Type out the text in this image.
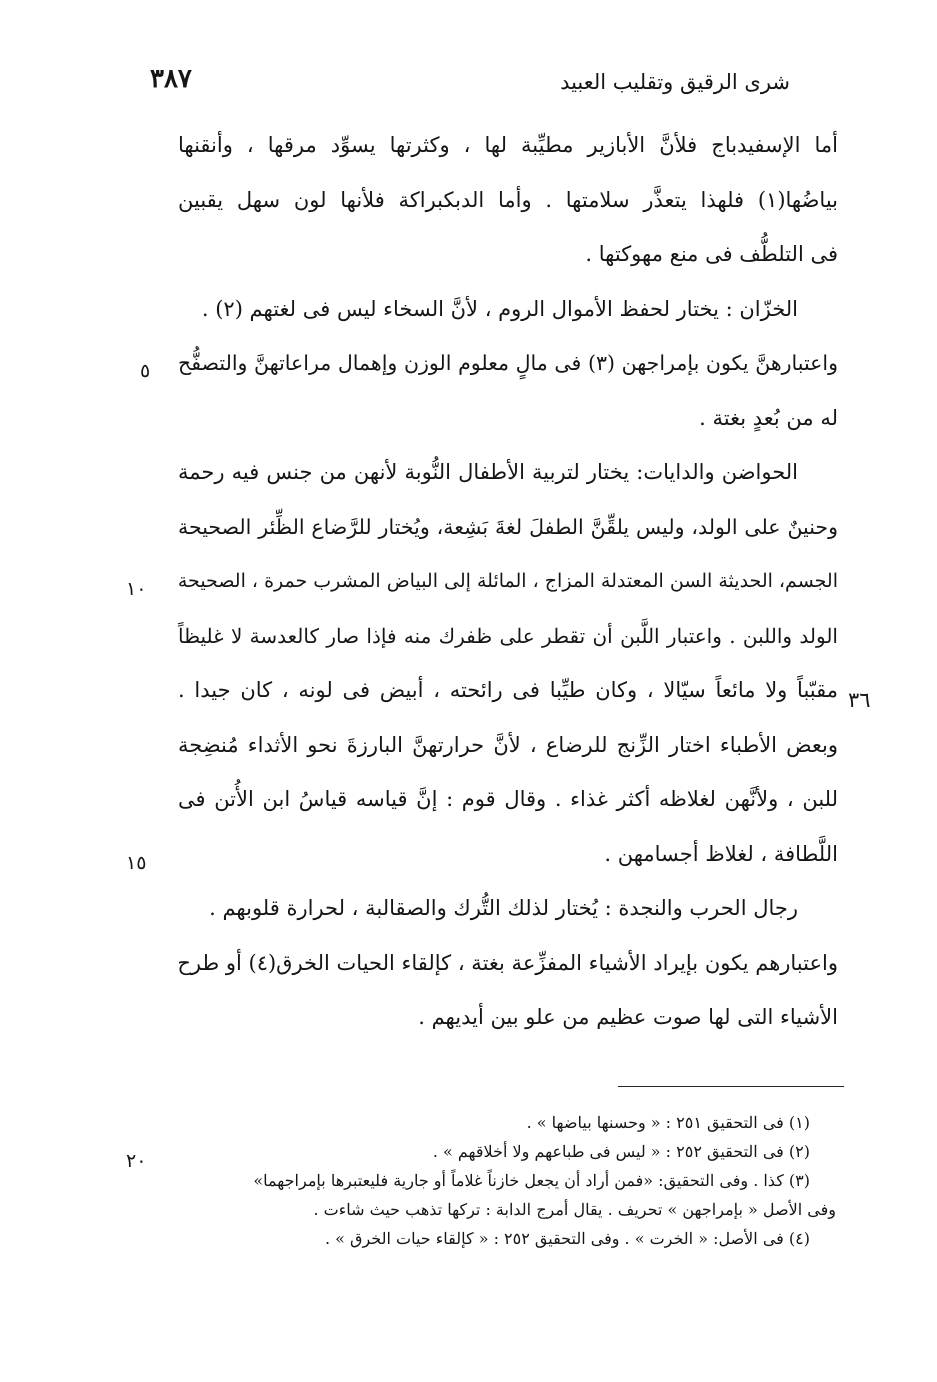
شرى الرقيق وتقليب العبيد
٣٨٧
أما الإسفيدباج فلأنَّ الأبازير مطيِّبة لها ، وكثرتها يسوِّد مرقها ، وأنقنها
بياضُها(١) فلهذا يتعذَّر سلامتها . وأما الدبكبراكة فلأنها لون سهل يقبين
فى التلطُّف فى منع مهوكتها .
الخزّان : يختار لحفظ الأموال الروم ، لأنَّ السخاء ليس فى لغتهم (٢) .
واعتبارهنَّ يكون بإمراجهن (٣) فى مالٍ معلوم الوزن وإهمال مراعاتهنَّ والتصفُّح
له من بُعدٍ بغتة .
الحواضن والدايات: يختار لتربية الأطفال النُّوبة لأنهن من جنس فيه رحمة
وحنينٌ على الولد، وليس يلقِّنَّ الطفلَ لغةَ بَشِعة، ويُختار للرَّضاع الظِّئر الصحيحة
الجسم، الحديثة السن المعتدلة المزاج ، المائلة إلى البياض المشرب حمرة ، الصحيحة
الولد واللبن . واعتبار اللَّبن أن تقطر على ظفرك منه فإذا صار كالعدسة لا غليظاً
مقبّباً ولا مائعاً سيّالا ، وكان طيِّبا فى رائحته ، أبيض فى لونه ، كان جيدا .
وبعض الأطباء اختار الزِّنج للرضاع ، لأنَّ حرارتهنَّ البارزةَ نحو الأثداء مُنضِجة
للبن ، ولأنَّهن لغلاظه أكثر غذاء . وقال قوم : إنَّ قياسه قياسُ ابن الأُتن فى
اللَّطافة ، لغلاظ أجسامهن .
رجال الحرب والنجدة : يُختار لذلك التُّرك والصقالبة ، لحرارة قلوبهم .
واعتبارهم يكون بإيراد الأشياء المفزِّعة بغتة ، كإلقاء الحيات الخرق(٤) أو طرح
الأشياء التى لها صوت عظيم من علو بين أيديهم .
٥
١٠
٣٦
١٥
٢٠
(١) فى التحقيق ٢٥١ : « وحسنها بياضها » .
(٢) فى التحقيق ٢٥٢ : « ليس فى طباعهم ولا أخلاقهم » .
(٣) كذا . وفى التحقيق: «فمن أراد أن يجعل خازناً غلاماً أو جارية فليعتبرها بإمراجهما»
وفى الأصل « بإمراجهن » تحريف . يقال أمرج الدابة : تركها تذهب حيث شاءت .
(٤) فى الأصل: « الخرت » . وفى التحقيق ٢٥٢ : « كإلقاء حيات الخرق » .
